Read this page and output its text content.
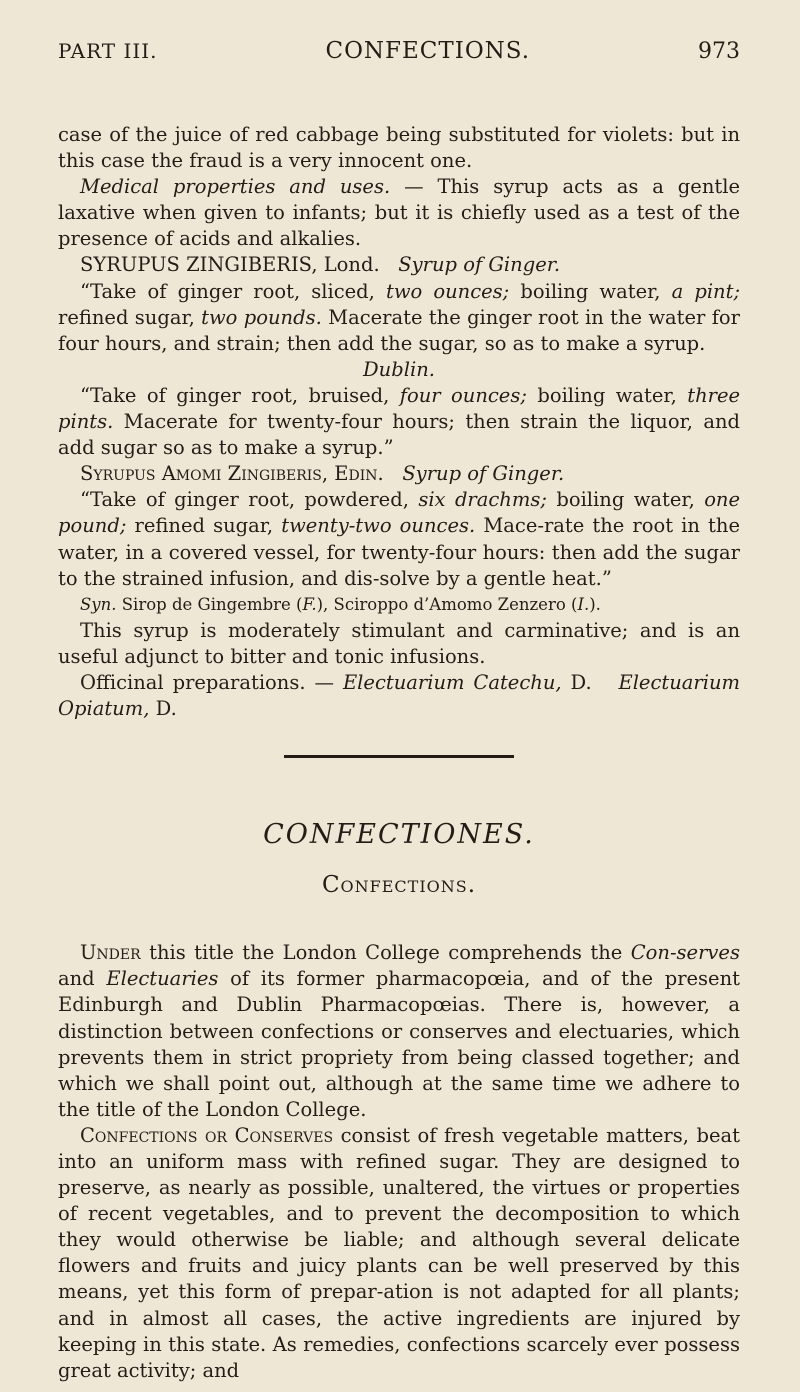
PART III.	CONFECTIONS.	973

case of the juice of red cabbage being substituted for violets: but in this case the fraud is a very innocent one.

Medical properties and uses. — This syrup acts as a gentle laxative when given to infants; but it is chiefly used as a test of the presence of acids and alkalies.

SYRUPUS ZINGIBERIS, Lond. Syrup of Ginger.

“Take of ginger root, sliced, two ounces; boiling water, a pint; refined sugar, two pounds. Macerate the ginger root in the water for four hours, and strain; then add the sugar, so as to make a syrup.

Dublin.

“Take of ginger root, bruised, four ounces; boiling water, three pints. Macerate for twenty-four hours; then strain the liquor, and add sugar so as to make a syrup.”

Syrupus Amomi Zingiberis, Edin. Syrup of Ginger.

“Take of ginger root, powdered, six drachms; boiling water, one pound; refined sugar, twenty-two ounces. Mace-rate the root in the water, in a covered vessel, for twenty-four hours: then add the sugar to the strained infusion, and dis-solve by a gentle heat.”

Syn. Sirop de Gingembre (F.), Sciroppo d’Amomo Zenzero (I.).

This syrup is moderately stimulant and carminative; and is an useful adjunct to bitter and tonic infusions.

Officinal preparations. — Electuarium Catechu, D. Electuarium Opiatum, D.

CONFECTIONES.
Confections.

Under this title the London College comprehends the Con-serves and Electuaries of its former pharmacopœia, and of the present Edinburgh and Dublin Pharmacopœias. There is, however, a distinction between confections or conserves and electuaries, which prevents them in strict propriety from being classed together; and which we shall point out, although at the same time we adhere to the title of the London College.

Confections or Conserves consist of fresh vegetable matters, beat into an uniform mass with refined sugar. They are designed to preserve, as nearly as possible, unaltered, the virtues or properties of recent vegetables, and to prevent the decomposition to which they would otherwise be liable; and although several delicate flowers and fruits and juicy plants can be well preserved by this means, yet this form of prepar-ation is not adapted for all plants; and in almost all cases, the active ingredients are injured by keeping in this state. As remedies, confections scarcely ever possess great activity; and
